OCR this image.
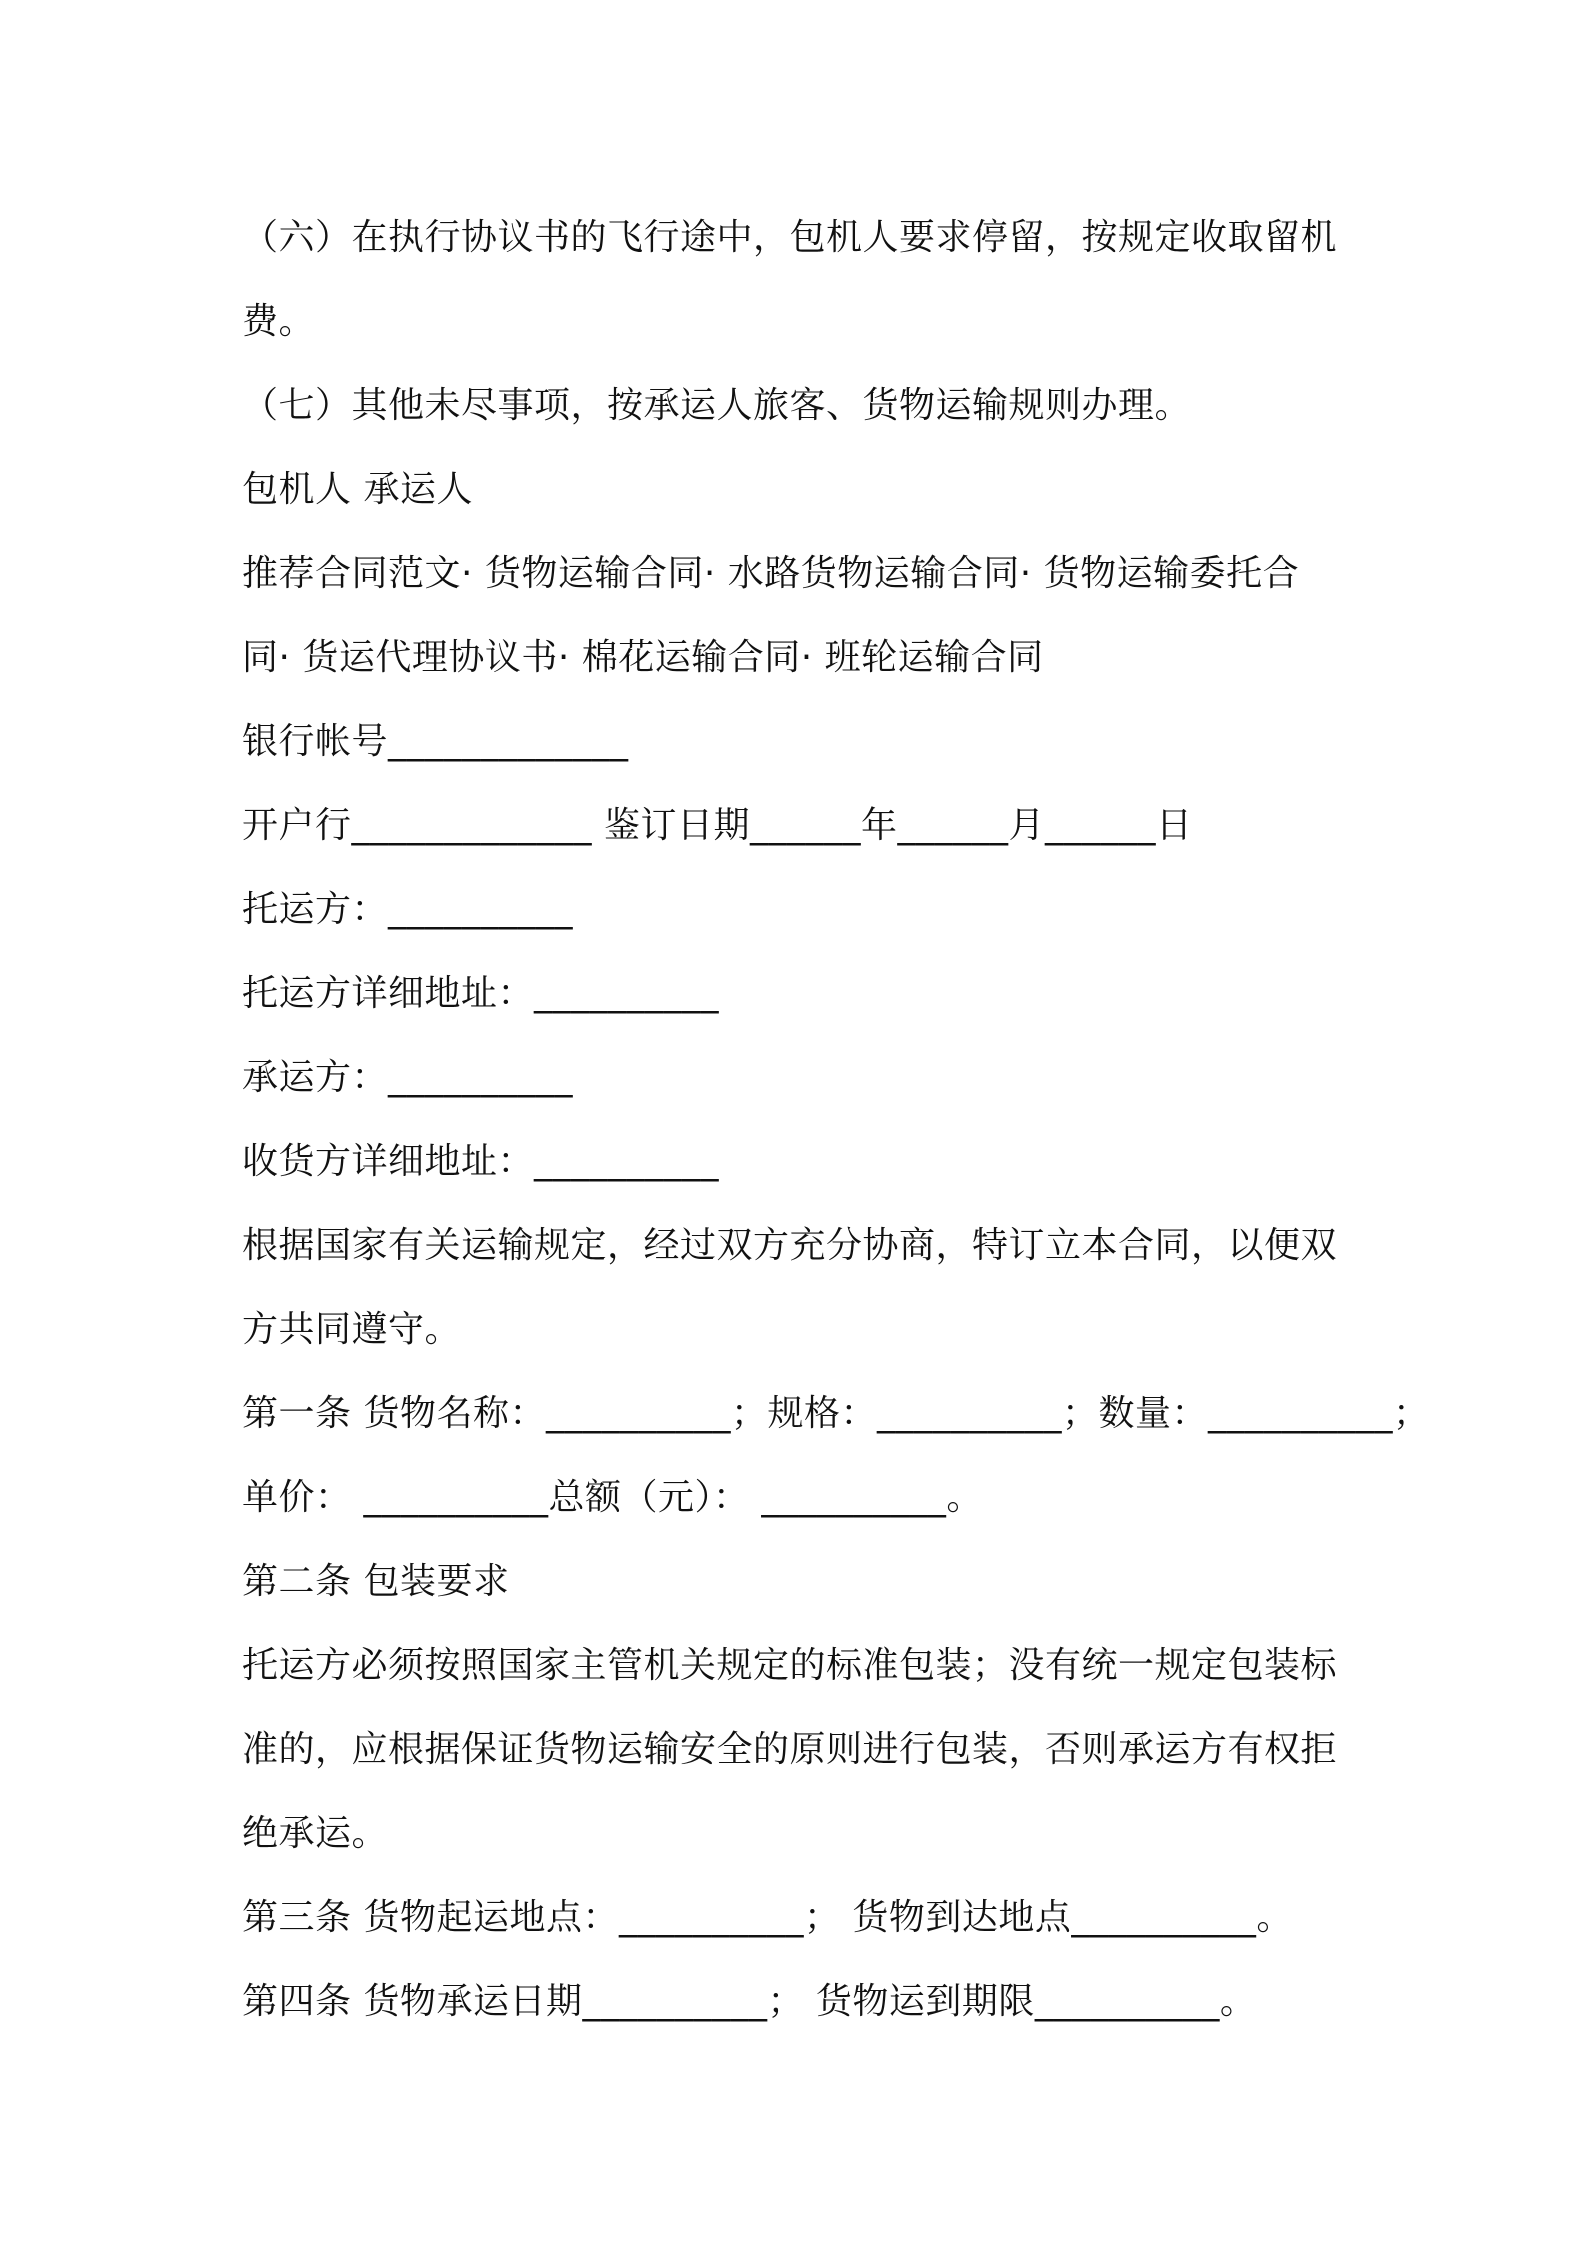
（六）在执行协议书的飞行途中，包机人要求停留，按规定收取留机
费。
（七）其他未尽事项，按承运人旅客、货物运输规则办理。
包机人 承运人
推荐合同范文· 货物运输合同· 水路货物运输合同· 货物运输委托合
同· 货运代理协议书· 棉花运输合同· 班轮运输合同
银行帐号_____________
开户行_____________ 鉴订日期______年______月______日
托运方：__________
托运方详细地址：__________
承运方：__________
收货方详细地址：__________
根据国家有关运输规定，经过双方充分协商，特订立本合同，以便双
方共同遵守。
第一条 货物名称：__________；规格：__________；数量：__________；
单价： __________总额（元）： __________。
第二条 包装要求
托运方必须按照国家主管机关规定的标准包装；没有统一规定包装标
准的，应根据保证货物运输安全的原则进行包装，否则承运方有权拒
绝承运。
第三条 货物起运地点：__________； 货物到达地点__________。
第四条 货物承运日期__________； 货物运到期限__________。
